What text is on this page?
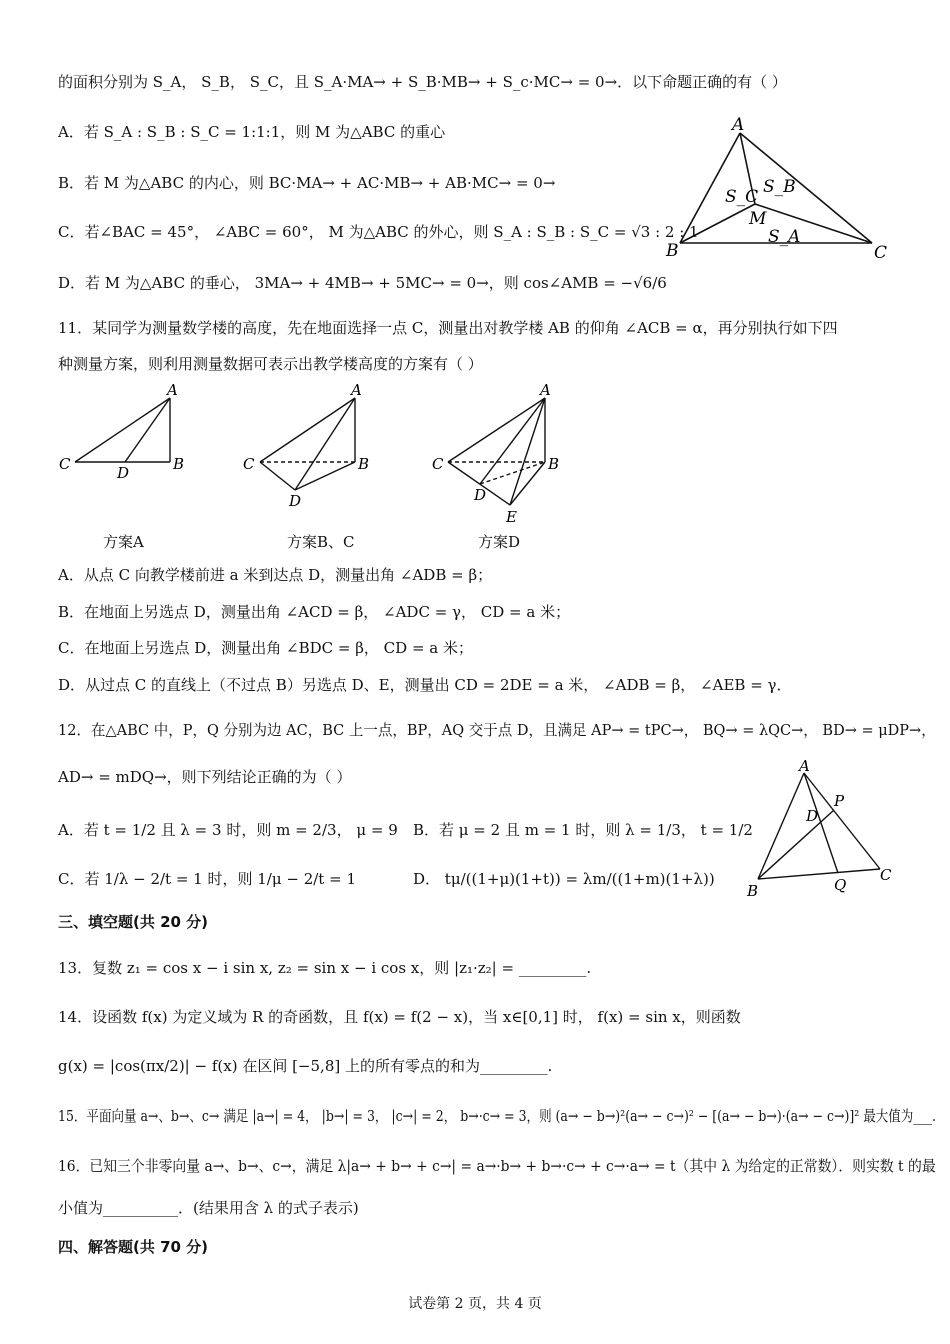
的面积分别为 S_A， S_B， S_C，且 S_A·MA→ + S_B·MB→ + S_c·MC→ = 0→．以下命题正确的有（ ）
A．若 S_A : S_B : S_C = 1:1:1，则 M 为△ABC 的重心
B．若 M 为△ABC 的内心，则 BC·MA→ + AC·MB→ + AB·MC→ = 0→
C．若∠BAC = 45°， ∠ABC = 60°， M 为△ABC 的外心，则 S_A : S_B : S_C = √3 : 2 : 1
D．若 M 为△ABC 的垂心， 3MA→ + 4MB→ + 5MC→ = 0→，则 cos∠AMB = −√6/6
A
B	C
M
S_C S_B
S_A
11．某同学为测量数学楼的高度，先在地面选择一点 C，测量出对教学楼 AB 的仰角 ∠ACB = α，再分别执行如下四
种测量方案，则利用测量数据可表示出教学楼高度的方案有（ ）
A
C	B
D
A
C	B
D
A
C	B
D
E
方案A	方案B、C	方案D
A．从点 C 向教学楼前进 a 米到达点 D，测量出角 ∠ADB = β；
B．在地面上另选点 D，测量出角 ∠ACD = β， ∠ADC = γ， CD = a 米；
C．在地面上另选点 D，测量出角 ∠BDC = β， CD = a 米；
D．从过点 C 的直线上（不过点 B）另选点 D、E，测量出 CD = 2DE = a 米， ∠ADB = β， ∠AEB = γ．
12．在△ABC 中，P，Q 分别为边 AC，BC 上一点，BP，AQ 交于点 D，且满足 AP→ = tPC→， BQ→ = λQC→， BD→ = μDP→，
AD→ = mDQ→，则下列结论正确的为（ ）
A．若 t = 1/2 且 λ = 3 时，则 m = 2/3， μ = 9 B．若 μ = 2 且 m = 1 时，则 λ = 1/3， t = 1/2
C．若 1/λ − 2/t = 1 时，则 1/μ − 2/t = 1	D． tμ/((1+μ)(1+t)) = λm/((1+m)(1+λ))
A
B
C
P
D
Q
三、填空题(共 20 分)
13．复数 z₁ = cos x − i sin x, z₂ = sin x − i cos x，则 |z₁·z₂| = _________.
14．设函数 f(x) 为定义域为 R 的奇函数，且 f(x) = f(2 − x)，当 x∈[0,1] 时， f(x) = sin x，则函数
g(x) = |cos(πx/2)| − f(x) 在区间 [−5,8] 上的所有零点的和为_________.
15．平面向量 a→、b→、c→ 满足 |a→| = 4， |b→| = 3， |c→| = 2， b→·c→ = 3，则 (a→ − b→)²(a→ − c→)² − [(a→ − b→)·(a→ − c→)]² 最大值为___.
16．已知三个非零向量 a→、b→、c→，满足 λ|a→ + b→ + c→| = a→·b→ + b→·c→ + c→·a→ = t（其中 λ 为给定的正常数）．则实数 t 的最
小值为__________．(结果用含 λ 的式子表示)
四、解答题(共 70 分)
试卷第 2 页，共 4 页
